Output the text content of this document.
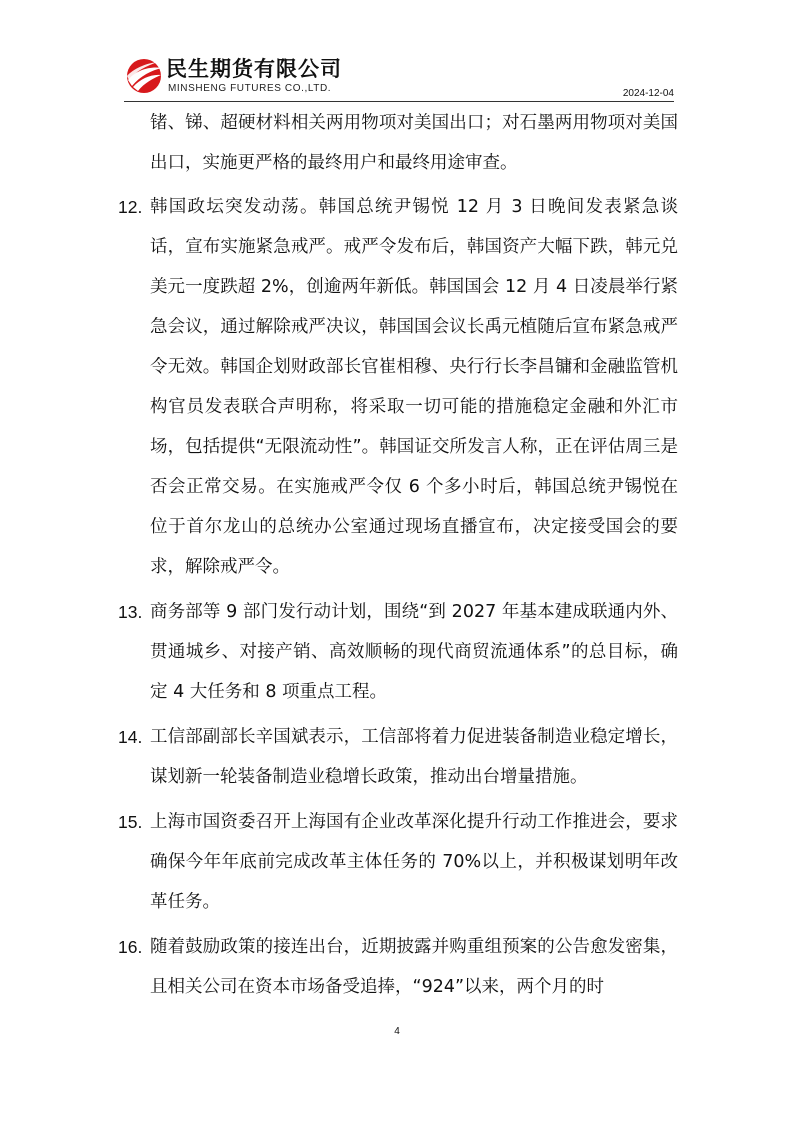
民生期货有限公司
MINSHENG FUTURES CO.,LTD.	2024-12-04

锗、锑、超硬材料相关两用物项对美国出口；对石墨两用物项对美国出口，实施更严格的最终用户和最终用途审查。

12. 韩国政坛突发动荡。韩国总统尹锡悦 12 月 3 日晚间发表紧急谈话，宣布实施紧急戒严。戒严令发布后，韩国资产大幅下跌，韩元兑美元一度跌超 2%，创逾两年新低。韩国国会 12 月 4 日凌晨举行紧急会议，通过解除戒严决议，韩国国会议长禹元植随后宣布紧急戒严令无效。韩国企划财政部长官崔相穆、央行行长李昌镛和金融监管机构官员发表联合声明称，将采取一切可能的措施稳定金融和外汇市场，包括提供“无限流动性”。韩国证交所发言人称，正在评估周三是否会正常交易。在实施戒严令仅 6 个多小时后，韩国总统尹锡悦在位于首尔龙山的总统办公室通过现场直播宣布，决定接受国会的要求，解除戒严令。

13. 商务部等 9 部门发行动计划，围绕“到 2027 年基本建成联通内外、贯通城乡、对接产销、高效顺畅的现代商贸流通体系”的总目标，确定 4 大任务和 8 项重点工程。

14. 工信部副部长辛国斌表示，工信部将着力促进装备制造业稳定增长，谋划新一轮装备制造业稳增长政策，推动出台增量措施。

15. 上海市国资委召开上海国有企业改革深化提升行动工作推进会，要求确保今年年底前完成改革主体任务的 70%以上，并积极谋划明年改革任务。

16. 随着鼓励政策的接连出台，近期披露并购重组预案的公告愈发密集，且相关公司在资本市场备受追捧，“924”以来，两个月的时

4
